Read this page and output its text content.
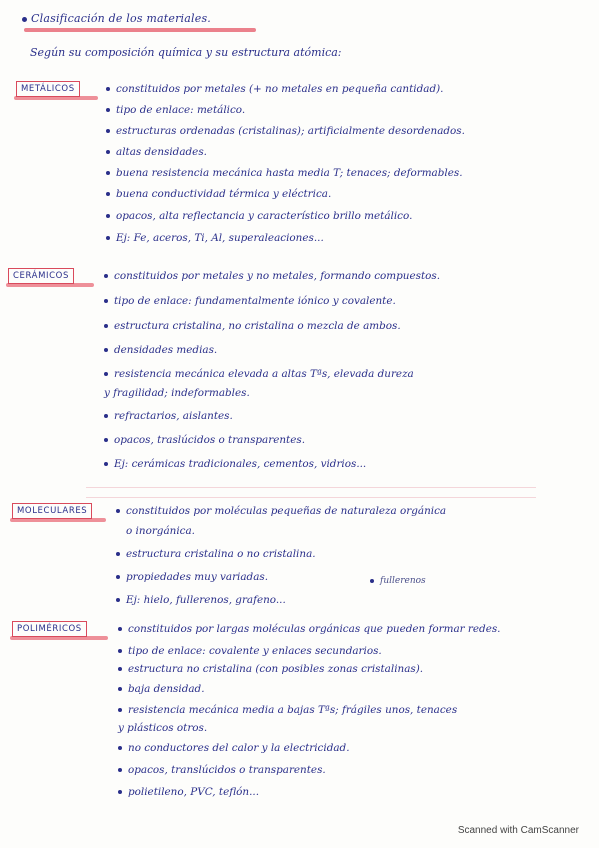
Clasificación de los materiales.
Según su composición química y su estructura atómica:
METÁLICOS	constituidos por metales (+ no metales en pequeña cantidad).
tipo de enlace: metálico.
estructuras ordenadas (cristalinas); artificialmente desordenados.
altas densidades.
buena resistencia mecánica hasta media T; tenaces; deformables.
buena conductividad térmica y eléctrica.
opacos, alta reflectancia y característico brillo metálico.
Ej: Fe, aceros, Ti, Al, superaleaciones...
CERÁMICOS	constituidos por metales y no metales, formando compuestos.
tipo de enlace: fundamentalmente iónico y covalente.
estructura cristalina, no cristalina o mezcla de ambos.
densidades medias.
resistencia mecánica elevada a altas Tªs, elevada dureza
y fragilidad; indeformables.
refractarios, aislantes.
opacos, traslúcidos o transparentes.
Ej: cerámicas tradicionales, cementos, vidrios...
MOLECULARES	constituidos por moléculas pequeñas de naturaleza orgánica
o inorgánica.
estructura cristalina o no cristalina.
propiedades muy variadas.
Ej: hielo, fullerenos, grafeno...
fullerenos
POLIMÉRICOS	constituidos por largas moléculas orgánicas que pueden formar redes.
tipo de enlace: covalente y enlaces secundarios.
estructura no cristalina (con posibles zonas cristalinas).
baja densidad.
resistencia mecánica media a bajas Tªs; frágiles unos, tenaces
y plásticos otros.
no conductores del calor y la electricidad.
opacos, translúcidos o transparentes.
polietileno, PVC, teflón...
Scanned with CamScanner
